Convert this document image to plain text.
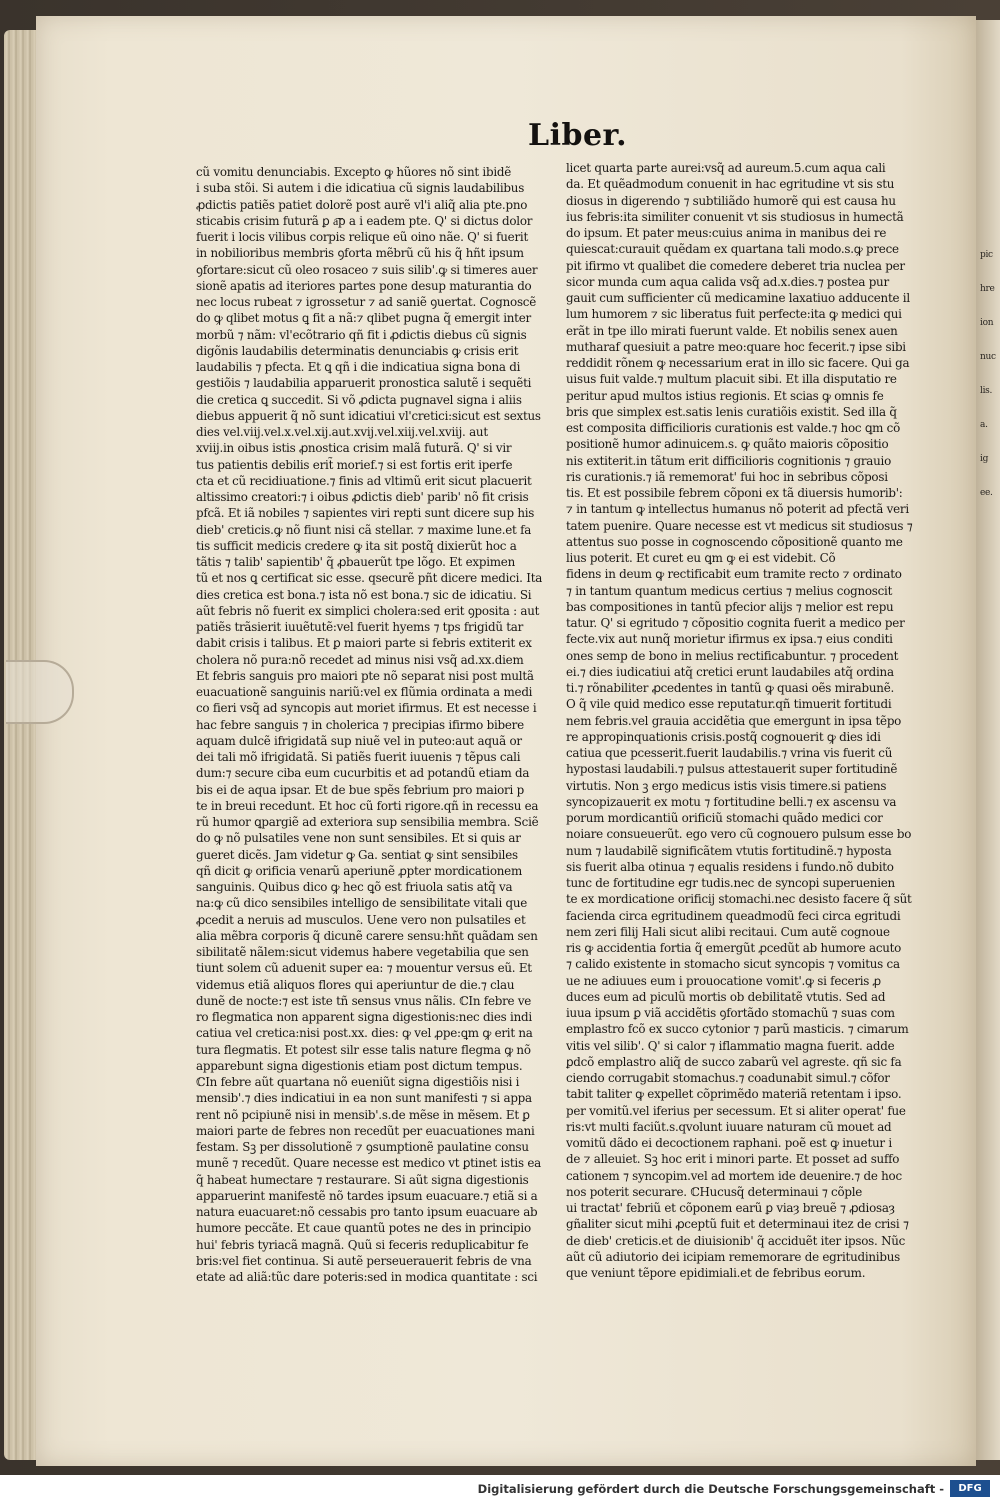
pic
hre
ion
nuc
lis.
a.
ig
ee.
Liber.
cũ vomitu denunciabis. Excepto ꝙ hũores nõ sint ibidẽ
i suba stõi. Si autem i die idicatiua cũ signis laudabilibus
ꝓdictis patiẽs patiet dolorẽ post aurẽ vl'i aliq̃ alia pte.pno
sticabis crisim futurã ꝑ a͞p a i eadem pte. Q' si dictus dolor
fuerit i locis vilibus corpis relique eũ oino nãe. Q' si fuerit
in nobilioribus membris ꝯforta mẽbrũ cũ his q̃ hñt ipsum
ꝯfortare:sicut cũ oleo rosaceo ⁊ suis silib'.ꝙ si timeres auer
sionẽ apatis ad iteriores partes pone desup maturantia do
nec locus rubeat ⁊ igrossetur ⁊ ad saniẽ ꝯuertat. Cognoscẽ
do ꝙ qlibet motus ꝗ fit a nã:⁊ qlibet pugna q̃ emergit inter
morbũ ⁊ nãm: vl'ecõtrario qñ fit i ꝓdictis diebus cũ signis
digõnis laudabilis determinatis denunciabis ꝙ crisis erit
laudabilis ⁊ pfecta. Et ꝗ qñ i die indicatiua signa bona di
gestiõis ⁊ laudabilia apparuerit pronostica salutẽ i sequẽti
die cretica ꝗ succedit. Si võ ꝓdicta pugnavel signa i aliis
diebus appuerit q̃ nõ sunt idicatiui vl'cretici:sicut est sextus
dies vel.viij.vel.x.vel.xij.aut.xvij.vel.xiij.vel.xviij. aut
xviij.in oibus istis ꝓnostica crisim malã futurã. Q' si vir
tus patientis debilis erit̃ morief.⁊ si est fortis erit iperfe
cta et cũ recidiuatione.⁊ finis ad vltimũ erit sicut placuerit
altissimo creatori:⁊ i oibus ꝓdictis dieb' parib' nõ fit crisis
pfcã. Et iã nobiles ⁊ sapientes viri repti sunt dicere sup his
dieb' creticis.ꝙ nõ fiunt nisi cã stellar. ⁊ maxime lune.et fa
tis sufficit medicis credere ꝙ ita sit postq̃ dixierũt hoc a
tãtis ⁊ talib' sapientib' q̃ ꝓbauerũt tpe lõgo. Et expimen
tũ et nos ꝗ certificat sic esse. qsecurẽ pñt dicere medici. Ita
dies cretica est bona.⁊ ista nõ est bona.⁊ sic de idicatiu. Si
aũt febris nõ fuerit ex simplici cholera:sed erit ꝯposita : aut
patiẽs trãsierit iuuẽtutẽ:vel fuerit hyems ⁊ tps frigidũ tar
dabit crisis i talibus. Et ꝑ maiori parte si febris extiterit ex
cholera nõ pura:nõ recedet ad minus nisi vsq̃ ad.xx.diem
Et febris sanguis pro maiori pte nõ separat nisi post multã
euacuationẽ sanguinis nariũ:vel ex flũmia ordinata a medi
co fieri vsq̃ ad syncopis aut moriet ifirmus. Et est necesse i
hac febre sanguis ⁊ in cholerica ⁊ precipias ifirmo bibere
aquam dulcẽ ifrigidatã sup niuẽ vel in puteo:aut aquã or
dei tali mõ ifrigidatã. Si patiẽs fuerit iuuenis ⁊ tẽpus cali
dum:⁊ secure ciba eum cucurbitis et ad potandũ etiam da
bis ei de aqua ipsar. Et de bue spẽs febrium pro maiori p
te in breui recedunt. Et hoc cũ forti rigore.qñ in recessu ea
rũ humor ꝗpargiẽ ad exteriora sup sensibilia membra. Sciẽ
do ꝙ nõ pulsatiles vene non sunt sensibiles. Et si quis ar
gueret dicẽs. Jam videtur ꝙ Ga. sentiat ꝙ sint sensibiles
qñ dicit ꝙ orificia venarũ aperiunẽ ꝓpter mordicationem
sanguinis. Quibus dico ꝙ hec ꝗõ est friuola satis atq̃ va
na:ꝙ cũ dico sensibiles intelligo de sensibilitate vitali que
ꝓcedit a neruis ad musculos. Uene vero non pulsatiles et
alia mẽbra corporis q̃ dicunẽ carere sensu:hñt quãdam sen
sibilitatẽ nãlem:sicut videmus habere vegetabilia que sen
tiunt solem cũ aduenit super ea: ⁊ mouentur versus eũ. Et
videmus etiã aliquos flores qui aperiuntur de die.⁊ clau
dunẽ de nocte:⁊ est iste tñ sensus vnus nãlis. ℂIn febre ve
ro flegmatica non apparent signa digestionis:nec dies indi
catiua vel cretica:nisi post.xx. dies: ꝙ vel ꝓpe:ꝗm ꝙ erit na
tura flegmatis. Et potest silr esse talis nature flegma ꝙ nõ
apparebunt signa digestionis etiam post dictum tempus.
ℂIn febre aũt quartana nõ eueniũt signa digestiõis nisi i
mensib'.⁊ dies indicatiui in ea non sunt manifesti ⁊ si appa
rent nõ pcipiunẽ nisi in mensib'.s.de mẽse in mẽsem. Et ꝑ
maiori parte de febres non recedũt per euacuationes mani
festam. Sꝫ per dissolutionẽ ⁊ ꝯsumptionẽ paulatine consu
munẽ ⁊ recedũt. Quare necesse est medico vt ꝑtinet istis ea
q̃ habeat humectare ⁊ restaurare. Si aũt signa digestionis
apparuerint manifestẽ nõ tardes ipsum euacuare.⁊ etiã si a
natura euacuaret:nõ cessabis pro tanto ipsum euacuare ab
humore peccãte. Et caue quantũ potes ne des in principio
hui' febris tyriacã magnã. Quũ si feceris reduplicabitur fe
bris:vel fiet continua. Si autẽ perseuerauerit febris de vna
etate ad aliã:tũc dare poteris:sed in modica quantitate : sci
licet quarta parte aurei:vsq̃ ad aureum.5.cum aqua cali
da. Et quẽadmodum conuenit in hac egritudine vt sis stu
diosus in digerendo ⁊ subtiliãdo humorẽ qui est causa hu
ius febris:ita similiter conuenit vt sis studiosus in humectã
do ipsum. Et pater meus:cuius anima in manibus dei re
quiescat:curauit quẽdam ex quartana tali modo.s.ꝙ prece
pit ifirmo vt qualibet die comedere deberet tria nuclea per
sicor munda cum aqua calida vsq̃ ad.x.dies.⁊ postea pur
gauit cum sufficienter cũ medicamine laxatiuo adducente il
lum humorem ⁊ sic liberatus fuit perfecte:ita ꝙ medici qui
erãt in tpe illo mirati fuerunt valde. Et nobilis senex auen
mutharaf quesiuit a patre meo:quare hoc fecerit.⁊ ipse sibi
reddidit rõnem ꝙ necessarium erat in illo sic facere. Qui ga
uisus fuit valde.⁊ multum placuit sibi. Et illa disputatio re
peritur apud multos istius regionis. Et scias ꝙ omnis fe
bris que simplex est.satis lenis curatiõis existit. Sed illa q̃
est composita difficilioris curationis est valde.⁊ hoc ꝗm cõ
positionẽ humor adinuicem.s. ꝙ quãto maioris cõpositio
nis extiterit.in tãtum erit difficilioris cognitionis ⁊ grauio
ris curationis.⁊ iã rememorat' fui hoc in sebribus cõposi
tis. Et est possibile febrem cõponi ex tã diuersis humorib':
⁊ in tantum ꝙ intellectus humanus nõ poterit ad pfectã veri
tatem puenire. Quare necesse est vt medicus sit studiosus ⁊
attentus suo posse in cognoscendo cõpositionẽ quanto me
lius poterit. Et curet eu ꝗm ꝙ ei est videbit. Cõ
fidens in deum ꝙ rectificabit eum tramite recto ⁊ ordinato
⁊ in tantum quantum medicus certius ⁊ melius cognoscit
bas compositiones in tantũ pfecior alijs ⁊ melior est repu
tatur. Q' si egritudo ⁊ cõpositio cognita fuerit a medico per
fecte.vix aut nunq̃ morietur ifirmus ex ipsa.⁊ eius conditi
ones semp de bono in melius rectificabuntur. ⁊ procedent
ei.⁊ dies iudicatiui atq̃ cretici erunt laudabiles atq̃ ordina
ti.⁊ rõnabiliter ꝓcedentes in tantũ ꝙ quasi oẽs mirabunẽ.
O q̃ vile quid medico esse reputatur.qñ timuerit fortitudi
nem febris.vel grauia accidẽtia que emergunt in ipsa tẽpo
re appropinquationis crisis.postq̃ cognouerit ꝙ dies idi
catiua que pcesserit.fuerit laudabilis.⁊ vrina vis fuerit cũ
hypostasi laudabili.⁊ pulsus attestauerit super fortitudinẽ
virtutis. Non ꝫ ergo medicus istis visis timere.si patiens
syncopizauerit ex motu ⁊ fortitudine belli.⁊ ex ascensu va
porum mordicantiũ orificiũ stomachi quãdo medici cor
noiare consueuerũt. ego vero cũ cognouero pulsum esse bo
num ⁊ laudabilẽ significãtem vtutis fortitudinẽ.⁊ hyposta
sis fuerit alba otinua ⁊ equalis residens i fundo.nõ dubito
tunc de fortitudine egr tudis.nec de syncopi superuenien
te ex mordicatione orificij stomachi.nec desisto facere q̃ sũt
facienda circa egritudinem queadmodũ feci circa egritudi
nem zeri filij Hali sicut alibi recitaui. Cum autẽ cognoue
ris ꝙ accidentia fortia q̃ emergũt ꝓcedũt ab humore acuto
⁊ calido existente in stomacho sicut syncopis ⁊ vomitus ca
ue ne adiuues eum i prouocatione vomit'.ꝙ si feceris ꝓ
duces eum ad piculũ mortis ob debilitatẽ vtutis. Sed ad
iuua ipsum ꝑ viã accidẽtis ꝯfortãdo stomachũ ⁊ suas com
emplastro fcõ ex succo cytonior ⁊ parũ masticis. ⁊ cimarum
vitis vel silib'. Q' si calor ⁊ iflammatio magna fuerit. adde
ꝑdcõ emplastro aliq̃ de succo zabarũ vel agreste. qñ sic fa
ciendo corrugabit stomachus.⁊ coadunabit simul.⁊ cõfor
tabit taliter ꝙ expellet cõprimẽdo materiã retentam i ipso.
per vomitũ.vel iferius per secessum. Et si aliter operat' fue
ris:vt multi faciũt.s.qvolunt iuuare naturam cũ mouet ad
vomitũ dãdo ei decoctionem raphani. poẽ est ꝙ inuetur i
de ⁊ alleuiet. Sꝫ hoc erit i minori parte. Et posset ad suffo
cationem ⁊ syncopim.vel ad mortem ide deuenire.⁊ de hoc
nos poterit securare. ℂHucusq̃ determinaui ⁊ cõple
ui tractat' febriũ et cõponem earũ ꝑ viaȝ breuẽ ⁊ ꝓdiosaȝ
gñaliter sicut mihi ꝓceptũ fuit et determinaui itez de crisi ⁊
de dieb' creticis.et de diuisionib' q̃ acciduẽt iter ipsos. Nũc
aũt cũ adiutorio dei icipiam rememorare de egritudinibus
que veniunt tẽpore epidimiali.et de febribus eorum.
Digitalisierung gefördert durch die Deutsche Forschungsgemeinschaft -	DFG
